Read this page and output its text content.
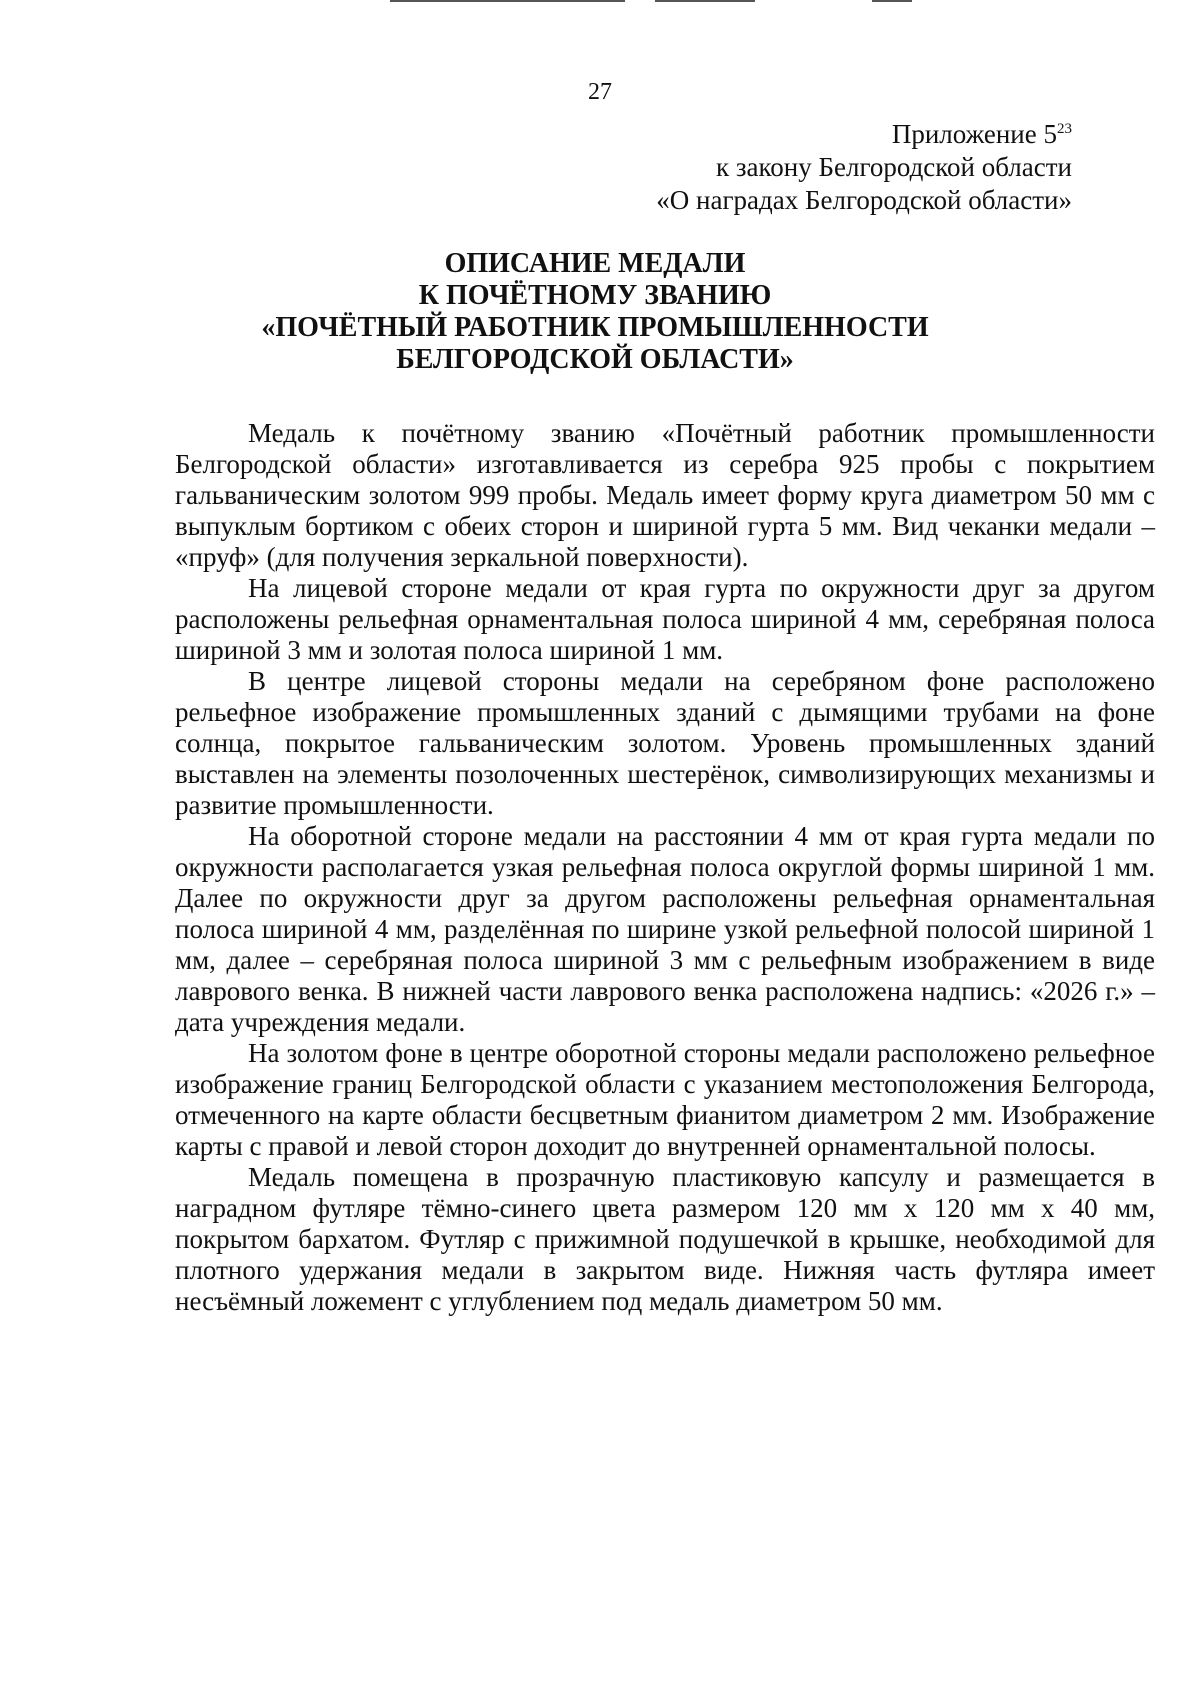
27
Приложение $5^{23}$
к закону Белгородской области
«О наградах Белгородской области»
ОПИСАНИЕ МЕДАЛИ
К ПОЧЁТНОМУ ЗВАНИЮ
«ПОЧЁТНЫЙ РАБОТНИК ПРОМЫШЛЕННОСТИ
БЕЛГОРОДСКОЙ ОБЛАСТИ»

Медаль к почётному званию «Почётный работник промышленности Белгородской области» изготавливается из серебра 925 пробы с покрытием гальваническим золотом 999 пробы. Медаль имеет форму круга диаметром 50 мм с выпуклым бортиком с обеих сторон и шириной гурта 5 мм. Вид чеканки медали – «пруф» (для получения зеркальной поверхности).

На лицевой стороне медали от края гурта по окружности друг за другом расположены рельефная орнаментальная полоса шириной 4 мм, серебряная полоса шириной 3 мм и золотая полоса шириной 1 мм.

В центре лицевой стороны медали на серебряном фоне расположено рельефное изображение промышленных зданий с дымящими трубами на фоне солнца, покрытое гальваническим золотом. Уровень промышленных зданий выставлен на элементы позолоченных шестерёнок, символизирующих механизмы и развитие промышленности.

На оборотной стороне медали на расстоянии 4 мм от края гурта медали по окружности располагается узкая рельефная полоса округлой формы шириной 1 мм. Далее по окружности друг за другом расположены рельефная орнаментальная полоса шириной 4 мм, разделённая по ширине узкой рельефной полосой шириной 1 мм, далее – серебряная полоса шириной 3 мм с рельефным изображением в виде лаврового венка. В нижней части лаврового венка расположена надпись: «2026 г.» – дата учреждения медали.

На золотом фоне в центре оборотной стороны медали расположено рельефное изображение границ Белгородской области с указанием местоположения Белгорода, отмеченного на карте области бесцветным фианитом диаметром 2 мм. Изображение карты с правой и левой сторон доходит до внутренней орнаментальной полосы.

Медаль помещена в прозрачную пластиковую капсулу и размещается в наградном футляре тёмно-синего цвета размером 120 мм х 120 мм х 40 мм, покрытом бархатом. Футляр с прижимной подушечкой в крышке, необходимой для плотного удержания медали в закрытом виде. Нижняя часть футляра имеет несъёмный ложемент с углублением под медаль диаметром 50 мм.
